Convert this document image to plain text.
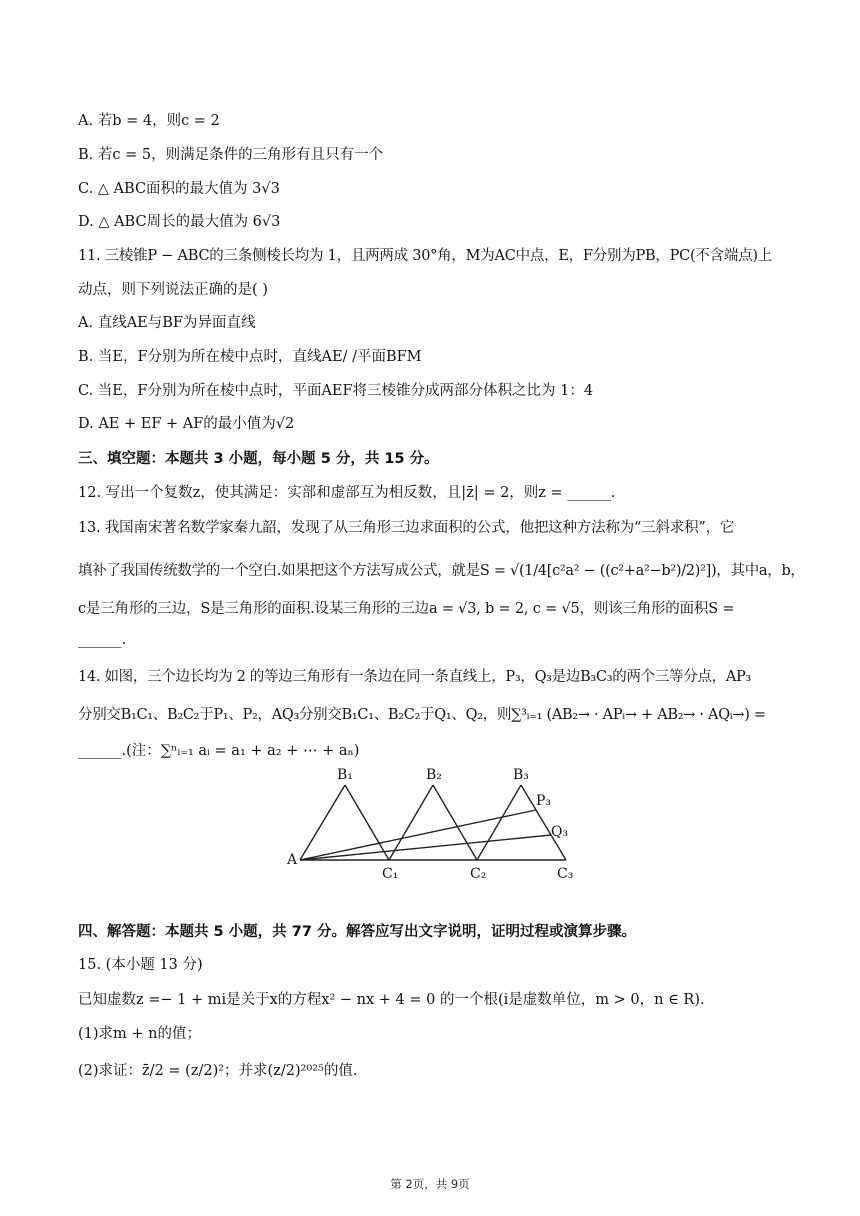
A. 若b = 4，则c = 2
B. 若c = 5，则满足条件的三角形有且只有一个
C. △ ABC面积的最大值为 3√3
D. △ ABC周长的最大值为 6√3
11. 三棱锥P − ABC的三条侧棱长均为 1，且两两成 30°角，M为AC中点，E，F分别为PB，PC(不含端点)上
动点，则下列说法正确的是( )
A. 直线AE与BF为异面直线
B. 当E，F分别为所在棱中点时，直线AE/ /平面BFM
C. 当E，F分别为所在棱中点时，平面AEF将三棱锥分成两部分体积之比为 1：4
D. AE + EF + AF的最小值为√2
三、填空题：本题共 3 小题，每小题 5 分，共 15 分。
12. 写出一个复数z，使其满足：实部和虚部互为相反数，且|z̄| = 2，则z = ______.
13. 我国南宋著名数学家秦九韶，发现了从三角形三边求面积的公式，他把这种方法称为“三斜求积”，它
填补了我国传统数学的一个空白.如果把这个方法写成公式，就是S = √(1/4[c²a² − ((c²+a²−b²)/2)²])，其中a，b，
c是三角形的三边，S是三角形的面积.设某三角形的三边a = √3, b = 2, c = √5，则该三角形的面积S =
______.
14. 如图，三个边长均为 2 的等边三角形有一条边在同一条直线上，P₃，Q₃是边B₃C₃的两个三等分点，AP₃
分别交B₁C₁、B₂C₂于P₁、P₂，AQ₃分别交B₁C₁、B₂C₂于Q₁、Q₂，则∑³ᵢ₌₁ (AB₂→ · APᵢ→ + AB₂→ · AQᵢ→) =
______.(注：∑ⁿᵢ₌₁ aᵢ = a₁ + a₂ + ⋯ + aₙ)
A
B₁	B₂	B₃
C₁	C₂	C₃
P₃
Q₃
四、解答题：本题共 5 小题，共 77 分。解答应写出文字说明，证明过程或演算步骤。
15. (本小题 13 分)
已知虚数z =− 1 + mi是关于x的方程x² − nx + 4 = 0 的一个根(i是虚数单位，m > 0，n ∈ R).
(1)求m + n的值；
(2)求证：z̄/2 = (z/2)²；并求(z/2)²⁰²⁵的值.
第 2页，共 9页
